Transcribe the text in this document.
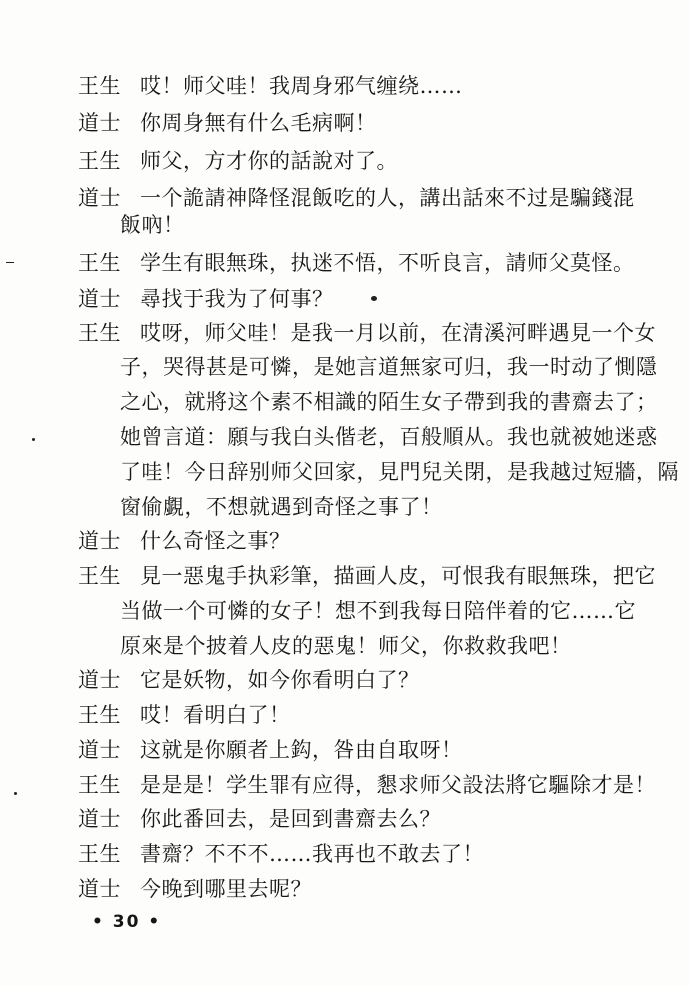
王生 哎！师父哇！我周身邪气缠绕……
道士 你周身無有什么毛病啊！
王生 师父，方才你的話說对了。
道士 一个詭請神降怪混飯吃的人，講出話來不过是騙錢混
飯吶！
王生 学生有眼無珠，执迷不悟，不听良言，請师父莫怪。
道士 尋找于我为了何事？
王生 哎呀，师父哇！是我一月以前，在清溪河畔遇見一个女
子，哭得甚是可憐，是她言道無家可归，我一时动了惻隱
之心，就將这个素不相識的陌生女子帶到我的書齋去了；
她曾言道：願与我白头偕老，百般順从。我也就被她迷惑
了哇！今日辞别师父回家，見門兒关閉，是我越过短牆，隔
窗偷覷，不想就遇到奇怪之事了！
道士 什么奇怪之事？
王生 見一惡鬼手执彩筆，描画人皮，可恨我有眼無珠，把它
当做一个可憐的女子！想不到我每日陪伴着的它……它
原來是个披着人皮的惡鬼！师父，你救救我吧！
道士 它是妖物，如今你看明白了？
王生 哎！看明白了！
道士 这就是你願者上鈎，咎由自取呀！
王生 是是是！学生罪有应得，懇求师父設法將它驅除才是！
道士 你此番回去，是回到書齋去么？
王生 書齋？不不不……我再也不敢去了！
道士 今晚到哪里去呢？
• 30 •
